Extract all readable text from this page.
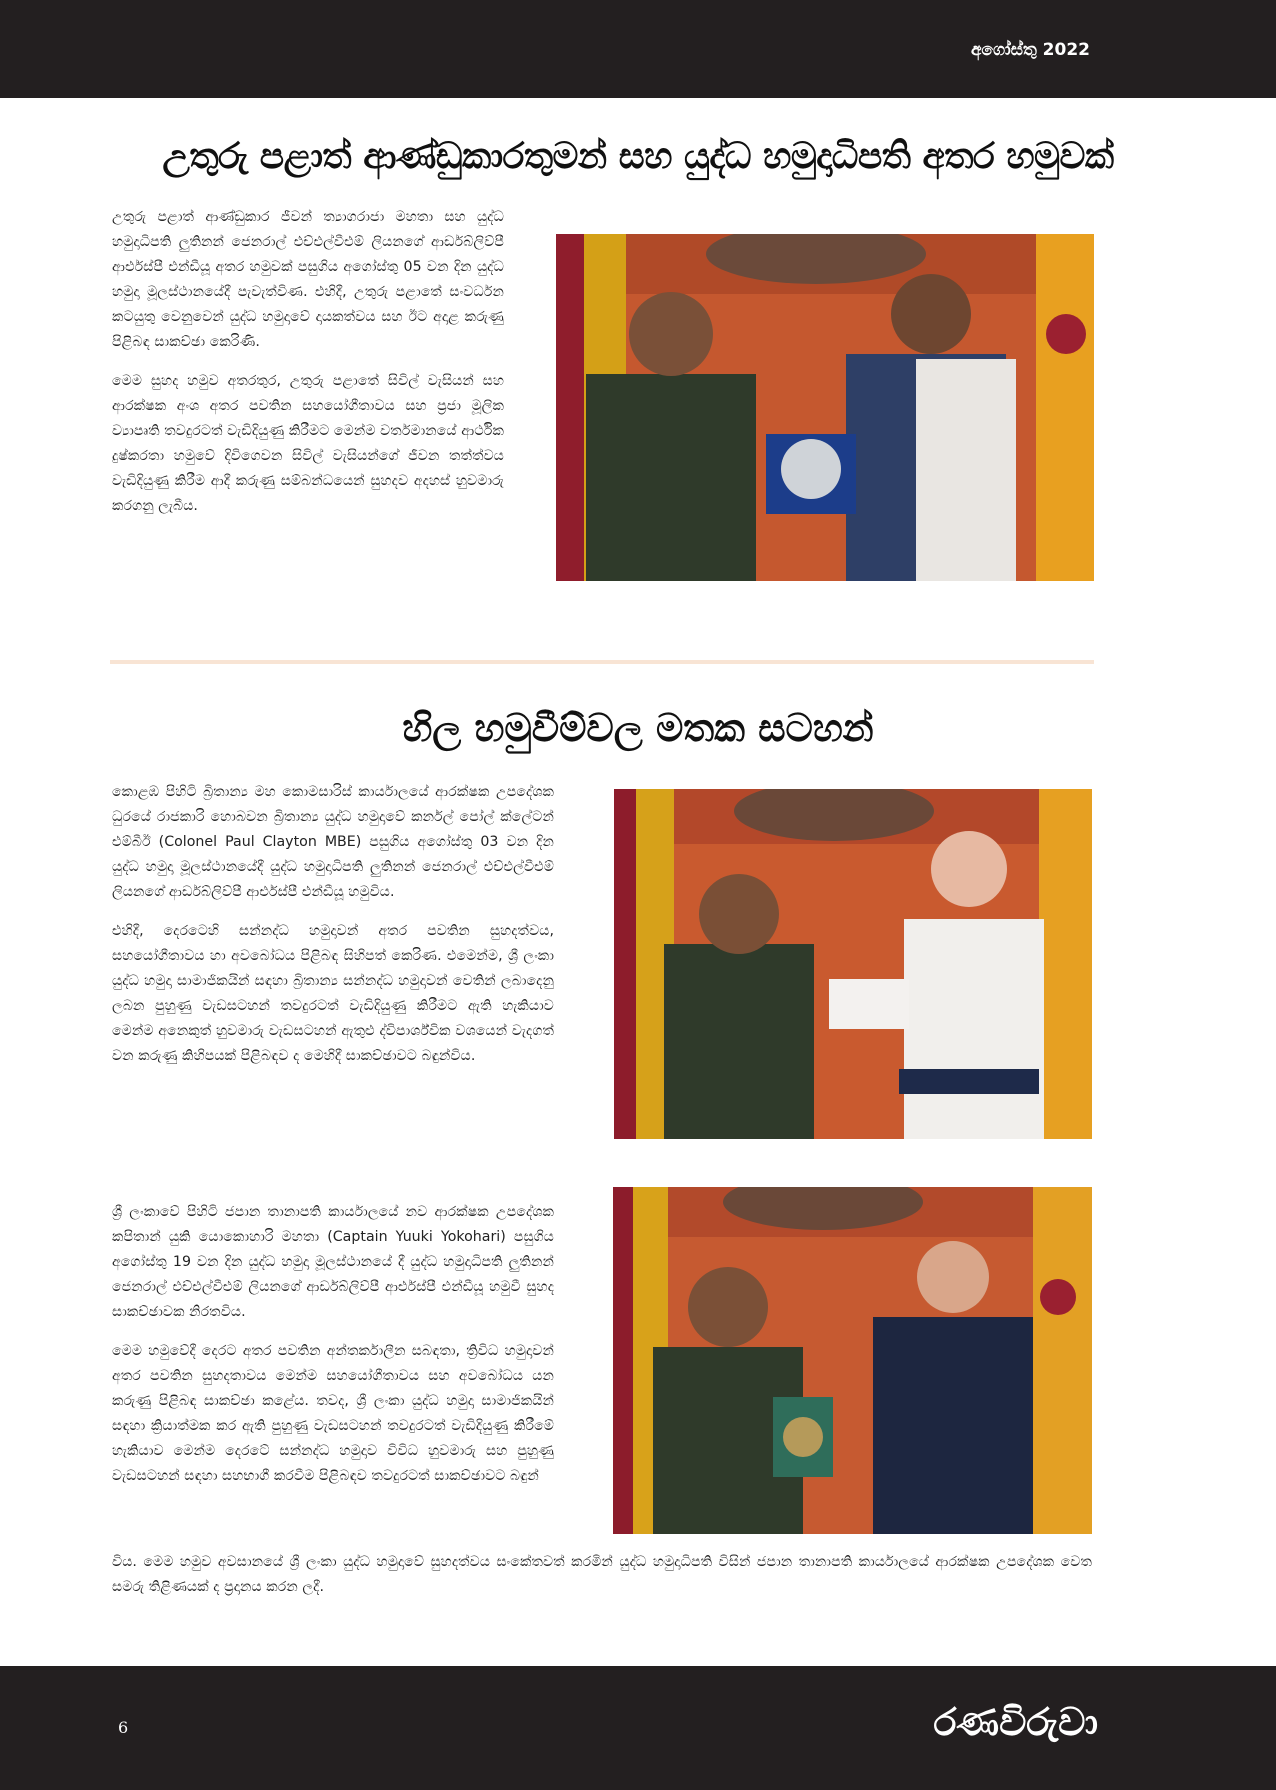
අගෝස්තු 2022
උතුරු පළාත් ආණ්ඩුකාරතුමන් සහ යුද්ධ හමුදාධිපති අතර හමුවක්

උතුරු පළාත් ආණ්ඩුකාර ජීවන් ත්‍යාගරාජා මහතා සහ යුද්ධ හමුදාධිපති ලුතිනන් ජෙනරාල් එච්එල්වීඑම් ලියනගේ ආර්ඩබ්ලිව්පී ආර්එස්පී එන්ඩීයූ අතර හමුවක් පසුගිය අගෝස්තු 05 වන දින යුද්ධ හමුදා මූලස්ථානයේදී පැවැත්විණ. එහිදී, උතුරු පළාතේ සංවර්ධන කටයුතු වෙනුවෙන් යුද්ධ හමුදාවේ දායකත්වය සහ ඊට අදාළ කරුණු පිළිබඳ සාකච්ඡා කෙරිණි.

මෙම සුහද හමුව අතරතුර, උතුරු පළාතේ සිවිල් වැසියන් සහ ආරක්ෂක අංශ අතර පවතින සහයෝගීතාවය සහ ප්‍රජා මූලික ව්‍යාපෘති තවදුරටත් වැඩිදියුණු කිරීමට මෙන්ම වර්තමානයේ ආර්ථික දුෂ්කරතා හමුවේ දිවිගෙවන සිවිල් වැසියන්ගේ ජීවන තත්ත්වය වැඩිදියුණු කිරීම ආදී කරුණු සම්බන්ධයෙන් සුහදව අදහස් හුවමාරු කරගනු ලැබීය.

හිල හමුවීම්වල මතක සටහන්

කොළඹ පිහිටි බ්‍රිතාන්‍ය මහ කොමසාරිස් කාර්යාලයේ ආරක්ෂක උපදේශක ධුරයේ රාජකාරි හොබවන බ්‍රිතාන්‍ය යුද්ධ හමුදාවේ කර්නල් පෝල් ක්ලේටන් එම්බීඊ (Colonel Paul Clayton MBE) පසුගිය අගෝස්තු 03 වන දින යුද්ධ හමුදා මූලස්ථානයේදී යුද්ධ හමුදාධිපති ලුතිනන් ජෙනරාල් එච්එල්වීඑම් ලියනගේ ආර්ඩබ්ලිව්පී ආර්එස්පී එන්ඩීයූ හමුවිය.

එහිදී, දෙරටෙහි සන්නද්ධ හමුදාවන් අතර පවතින සුහදත්වය, සහයෝගීතාවය හා අවබෝධය පිළිබඳ සිහිපත් කෙරිණ. එමෙන්ම, ශ්‍රී ලංකා යුද්ධ හමුදා සාමාජිකයින් සඳහා බ්‍රිතාන්‍ය සන්නද්ධ හමුදාවන් වෙතින් ලබාදෙනු ලබන පුහුණු වැඩසටහන් තවදුරටත් වැඩිදියුණු කිරීමට ඇති හැකියාව මෙන්ම අනෙකුත් හුවමාරු වැඩසටහන් ඇතුළු ද්විපාර්ශ්වික වශයෙන් වැදගත් වන කරුණු කිහිපයක් පිළිබඳව ද මෙහිදී සාකච්ඡාවට බඳුන්විය.

ශ්‍රී ලංකාවේ පිහිටි ජපාන තානාපති කාර්යාලයේ නව ආරක්ෂක උපදේශක කපිතාන් යුකි යොකොහාරි මහතා (Captain Yuuki Yokohari) පසුගිය අගෝස්තු 19 වන දින යුද්ධ හමුදා මූලස්ථානයේ දී යුද්ධ හමුදාධිපති ලුතිනන් ජෙනරාල් එච්එල්වීඑම් ලියනගේ ආර්ඩබ්ලිව්පී ආර්එස්පී එන්ඩීයූ හමුවී සුහද සාකච්ඡාවක නිරතවිය.

මෙම හමුවේදී දෙරට අතර පවතින අන්තර්කාලීන සබඳතා, ත්‍රිවිධ හමුදාවන් අතර පවතින සුහදතාවය මෙන්ම සහයෝගීතාවය සහ අවබෝධය යන කරුණු පිළිබඳ සාකච්ඡා කළේය. තවද, ශ්‍රී ලංකා යුද්ධ හමුදා සාමාජිකයින් සඳහා ක්‍රියාත්මක කර ඇති පුහුණු වැඩසටහන් තවදුරටත් වැඩිදියුණු කිරීමේ හැකියාව මෙන්ම දෙරටේ සන්නද්ධ හමුදාව විවිධ හුවමාරු සහ පුහුණු වැඩසටහන් සඳහා සහභාගී කරවීම පිළිබඳව තවදුරටත් සාකච්ඡාවට බඳුන්

විය. මෙම හමුව අවසානයේ ශ්‍රී ලංකා යුද්ධ හමුදාවේ සුහදත්වය සංකේතවත් කරමින් යුද්ධ හමුදාධිපති විසින් ජපාන තානාපති කාර්යාලයේ ආරක්ෂක උපදේශක වෙත සමරු තිළිණයක් ද ප්‍රදානය කරන ලදී.
6	රණවිරුවා
